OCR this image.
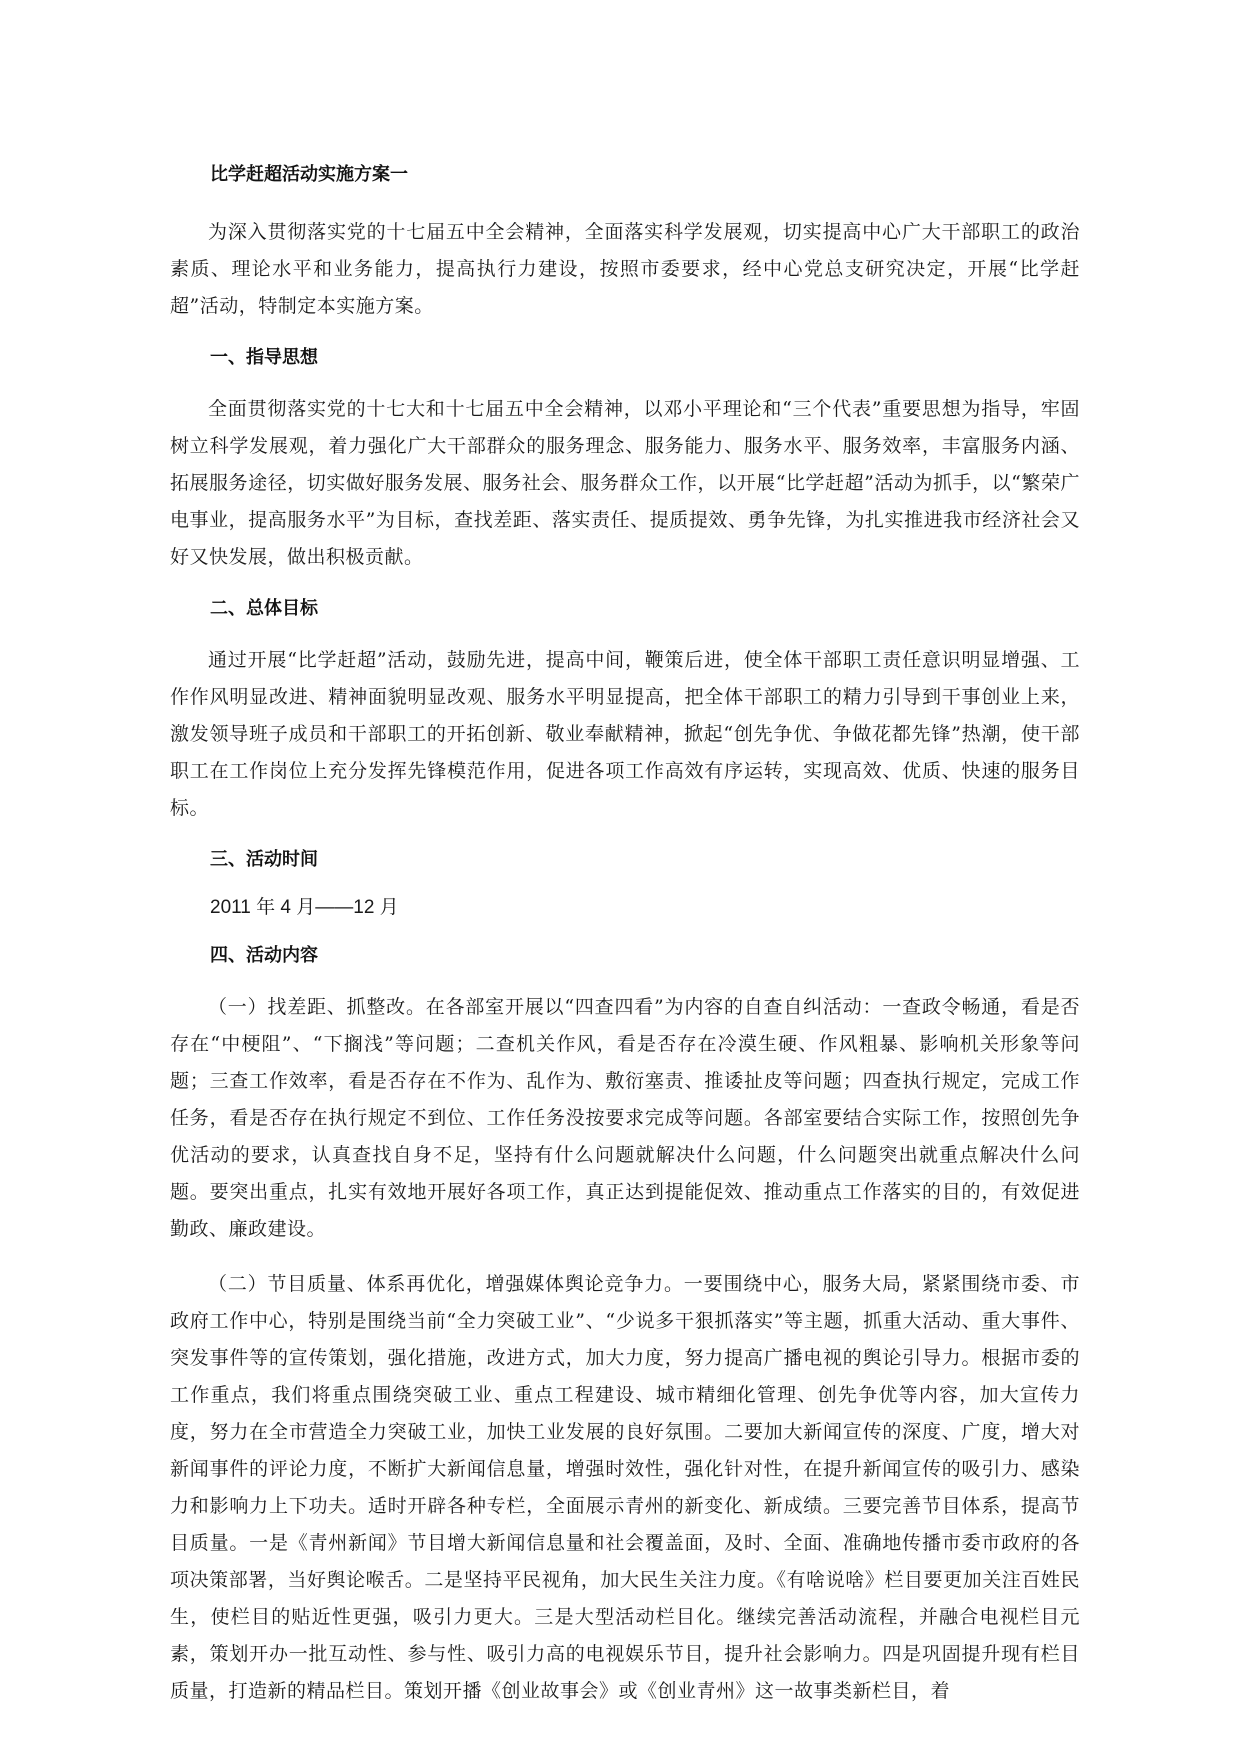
比学赶超活动实施方案一

为深入贯彻落实党的十七届五中全会精神，全面落实科学发展观，切实提高中心广大干部职工的政治素质、理论水平和业务能力，提高执行力建设，按照市委要求，经中心党总支研究决定，开展“比学赶超”活动，特制定本实施方案。

一、指导思想

全面贯彻落实党的十七大和十七届五中全会精神，以邓小平理论和“三个代表”重要思想为指导，牢固树立科学发展观，着力强化广大干部群众的服务理念、服务能力、服务水平、服务效率，丰富服务内涵、拓展服务途径，切实做好服务发展、服务社会、服务群众工作，以开展“比学赶超”活动为抓手，以“繁荣广电事业，提高服务水平”为目标，查找差距、落实责任、提质提效、勇争先锋，为扎实推进我市经济社会又好又快发展，做出积极贡献。

二、总体目标

通过开展“比学赶超”活动，鼓励先进，提高中间，鞭策后进，使全体干部职工责任意识明显增强、工作作风明显改进、精神面貌明显改观、服务水平明显提高，把全体干部职工的精力引导到干事创业上来，激发领导班子成员和干部职工的开拓创新、敬业奉献精神，掀起“创先争优、争做花都先锋”热潮，使干部职工在工作岗位上充分发挥先锋模范作用，促进各项工作高效有序运转，实现高效、优质、快速的服务目标。

三、活动时间
2011 年 4 月——12 月
四、活动内容

（一）找差距、抓整改。在各部室开展以“四查四看”为内容的自查自纠活动：一查政令畅通，看是否存在“中梗阻”、“下搁浅”等问题；二查机关作风，看是否存在冷漠生硬、作风粗暴、影响机关形象等问题；三查工作效率，看是否存在不作为、乱作为、敷衍塞责、推诿扯皮等问题；四查执行规定，完成工作任务，看是否存在执行规定不到位、工作任务没按要求完成等问题。各部室要结合实际工作，按照创先争优活动的要求，认真查找自身不足，坚持有什么问题就解决什么问题，什么问题突出就重点解决什么问题。要突出重点，扎实有效地开展好各项工作，真正达到提能促效、推动重点工作落实的目的，有效促进勤政、廉政建设。

（二）节目质量、体系再优化，增强媒体舆论竞争力。一要围绕中心，服务大局，紧紧围绕市委、市政府工作中心，特别是围绕当前“全力突破工业”、“少说多干狠抓落实”等主题，抓重大活动、重大事件、突发事件等的宣传策划，强化措施，改进方式，加大力度，努力提高广播电视的舆论引导力。根据市委的工作重点，我们将重点围绕突破工业、重点工程建设、城市精细化管理、创先争优等内容，加大宣传力度，努力在全市营造全力突破工业，加快工业发展的良好氛围。二要加大新闻宣传的深度、广度，增大对新闻事件的评论力度，不断扩大新闻信息量，增强时效性，强化针对性，在提升新闻宣传的吸引力、感染力和影响力上下功夫。适时开辟各种专栏，全面展示青州的新变化、新成绩。三要完善节目体系，提高节目质量。一是《青州新闻》节目增大新闻信息量和社会覆盖面，及时、全面、准确地传播市委市政府的各项决策部署，当好舆论喉舌。二是坚持平民视角，加大民生关注力度。《有啥说啥》栏目要更加关注百姓民生，使栏目的贴近性更强，吸引力更大。三是大型活动栏目化。继续完善活动流程，并融合电视栏目元素，策划开办一批互动性、参与性、吸引力高的电视娱乐节目，提升社会影响力。四是巩固提升现有栏目质量，打造新的精品栏目。策划开播《创业故事会》或《创业青州》这一故事类新栏目，着
